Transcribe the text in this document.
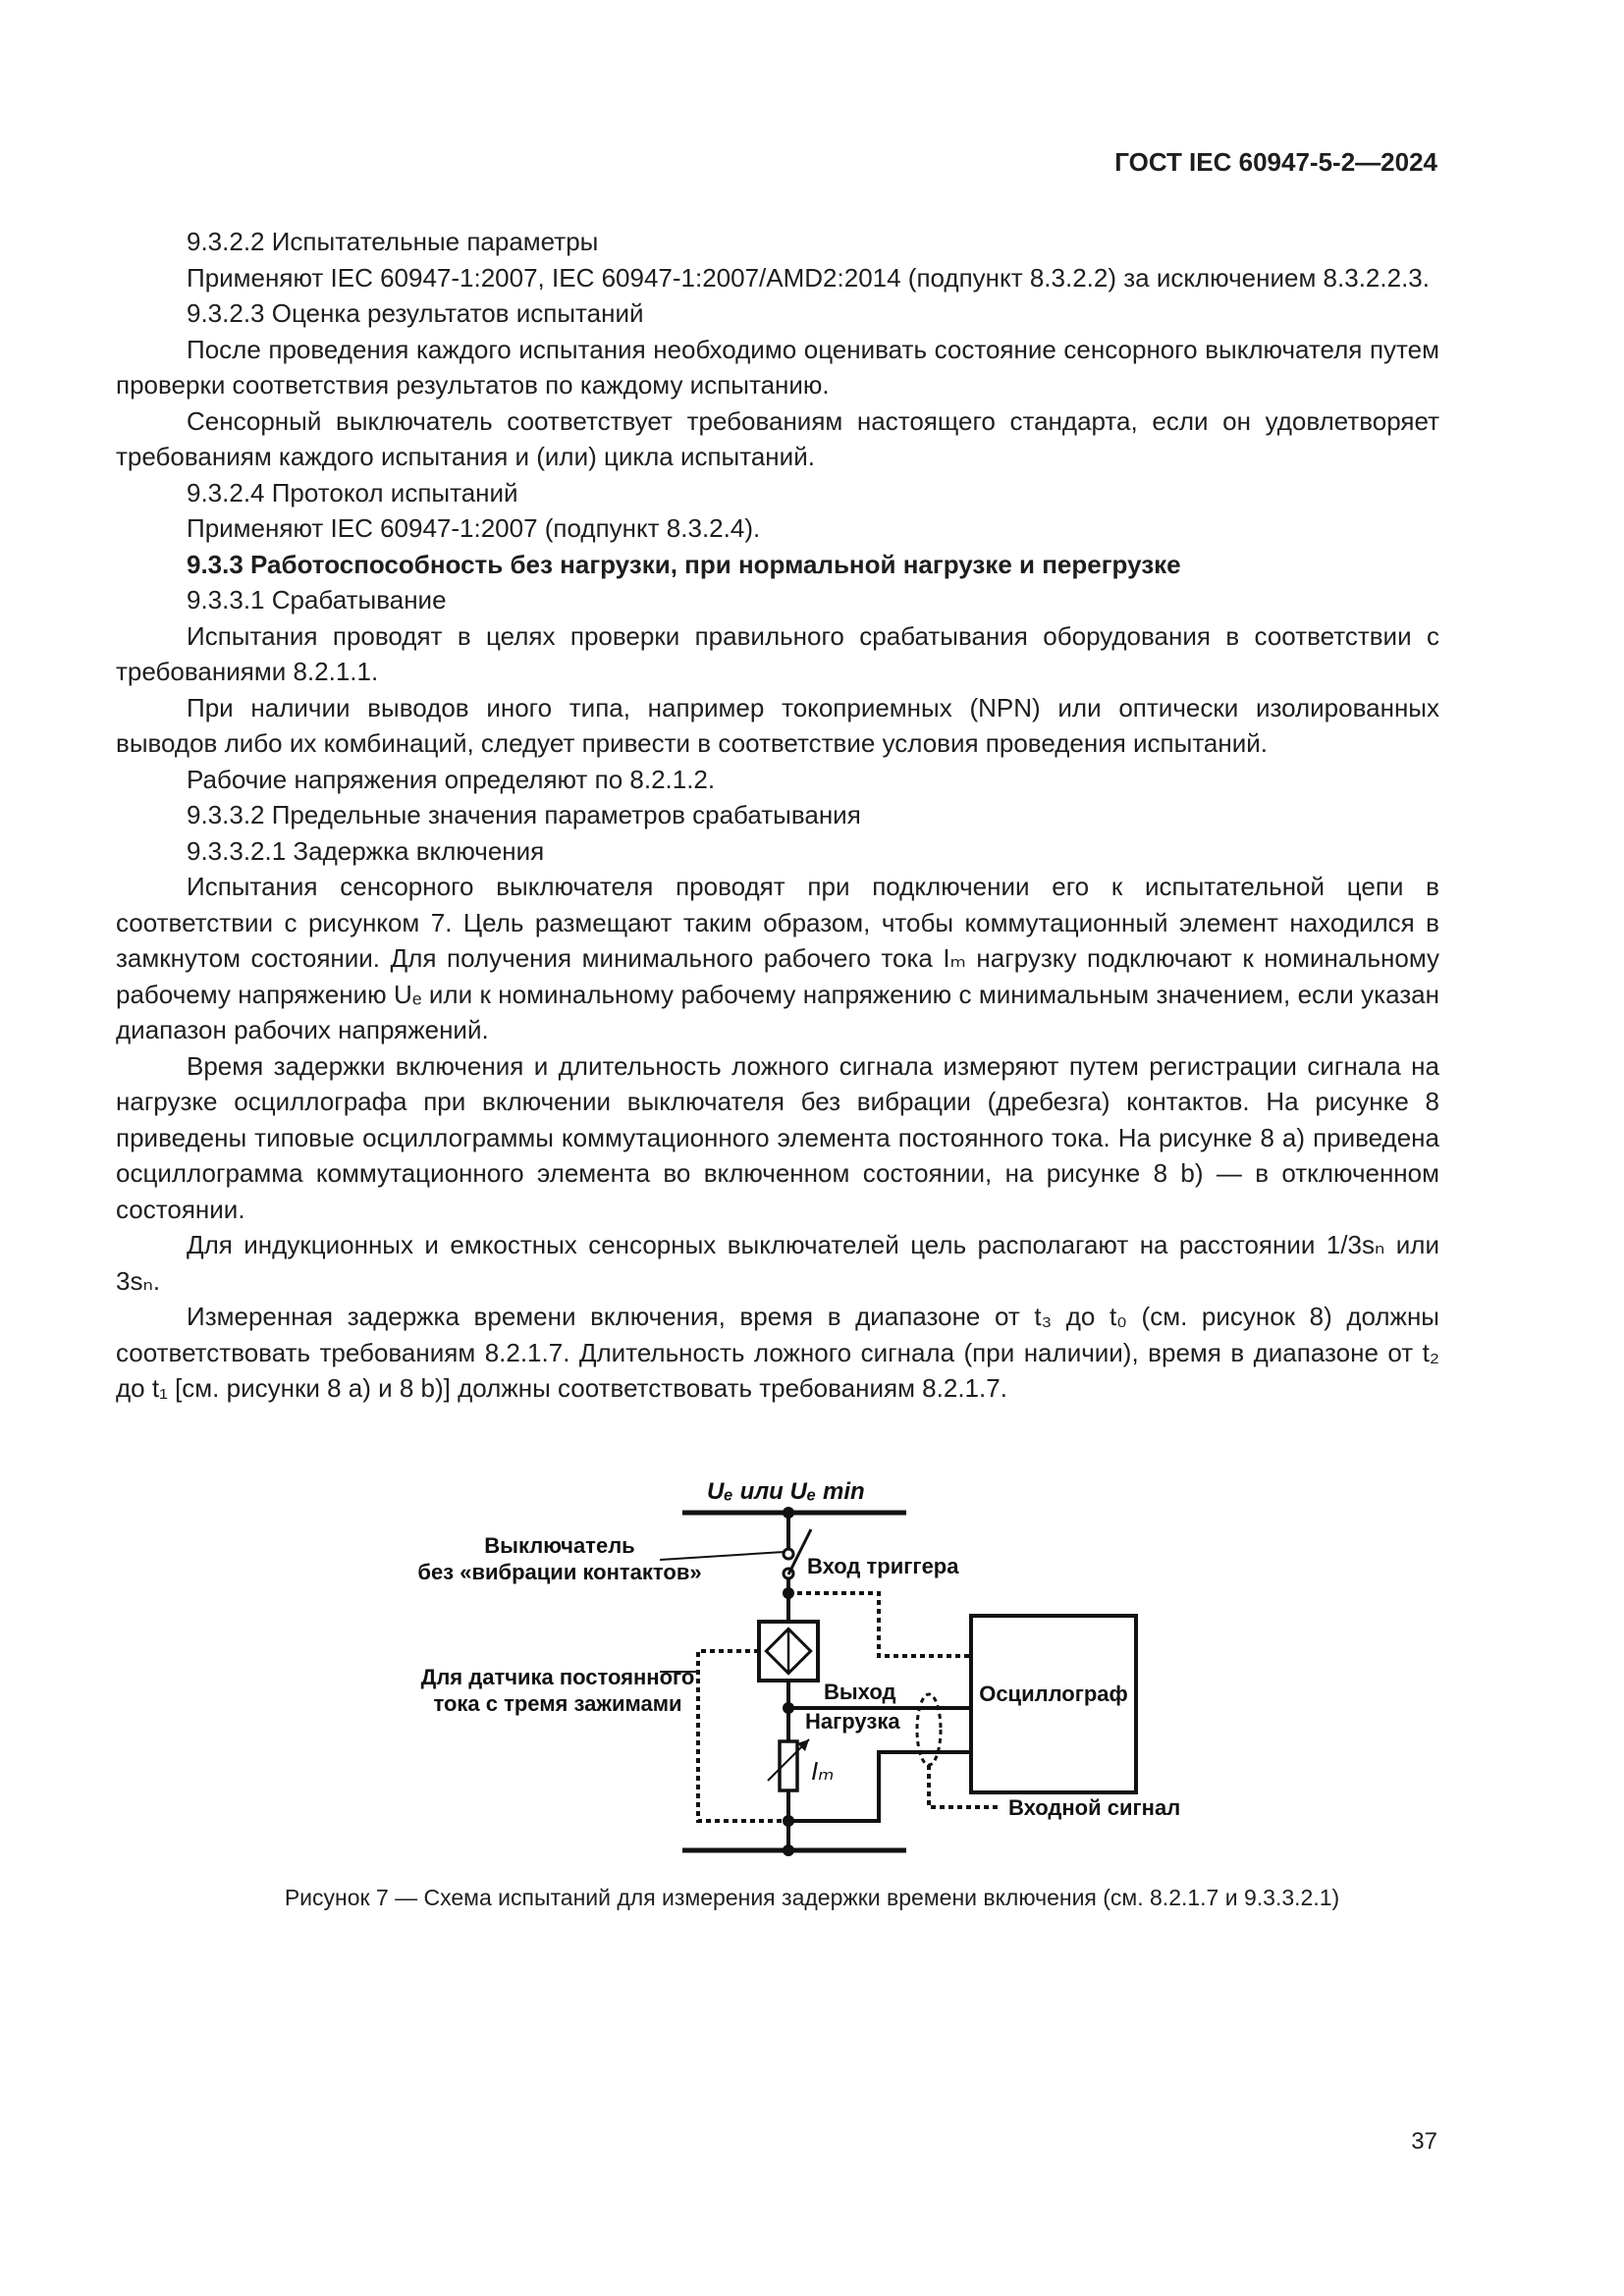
ГОСТ IEC 60947-5-2—2024

9.3.2.2 Испытательные параметры

Применяют IEC 60947-1:2007, IEC 60947-1:2007/AMD2:2014 (подпункт 8.3.2.2) за исключением 8.3.2.2.3.

9.3.2.3 Оценка результатов испытаний

После проведения каждого испытания необходимо оценивать состояние сенсорного выключателя путем проверки соответствия результатов по каждому испытанию.

Сенсорный выключатель соответствует требованиям настоящего стандарта, если он удовлетворяет требованиям каждого испытания и (или) цикла испытаний.

9.3.2.4 Протокол испытаний

Применяют IEC 60947-1:2007 (подпункт 8.3.2.4).

9.3.3 Работоспособность без нагрузки, при нормальной нагрузке и перегрузке

9.3.3.1 Срабатывание

Испытания проводят в целях проверки правильного срабатывания оборудования в соответствии с требованиями 8.2.1.1.

При наличии выводов иного типа, например токоприемных (NPN) или оптически изолированных выводов либо их комбинаций, следует привести в соответствие условия проведения испытаний.

Рабочие напряжения определяют по 8.2.1.2.

9.3.3.2 Предельные значения параметров срабатывания

9.3.3.2.1 Задержка включения

Испытания сенсорного выключателя проводят при подключении его к испытательной цепи в соответствии с рисунком 7. Цель размещают таким образом, чтобы коммутационный элемент находился в замкнутом состоянии. Для получения минимального рабочего тока Iₘ нагрузку подключают к номинальному рабочему напряжению Uₑ или к номинальному рабочему напряжению с минимальным значением, если указан диапазон рабочих напряжений.

Время задержки включения и длительность ложного сигнала измеряют путем регистрации сигнала на нагрузке осциллографа при включении выключателя без вибрации (дребезга) контактов. На рисунке 8 приведены типовые осциллограммы коммутационного элемента постоянного тока. На рисунке 8 a) приведена осциллограмма коммутационного элемента во включенном состоянии, на рисунке 8 b) — в отключенном состоянии.

Для индукционных и емкостных сенсорных выключателей цель располагают на расстоянии 1/3sₙ или 3sₙ.

Измеренная задержка времени включения, время в диапазоне от t₃ до t₀ (см. рисунок 8) должны соответствовать требованиям 8.2.1.7. Длительность ложного сигнала (при наличии), время в диапазоне от t₂ до t₁ [см. рисунки 8 a) и 8 b)] должны соответствовать требованиям 8.2.1.7.

Uₑ или Uₑ min
Выключатель
без «вибрации контактов»	Вход триггера
Для датчика постоянного
тока с тремя зажимами	Выход
Нагрузка
Iₘ
Осциллограф
Входной сигнал
Рисунок 7 — Схема испытаний для измерения задержки времени включения (см. 8.2.1.7 и 9.3.3.2.1)
37
